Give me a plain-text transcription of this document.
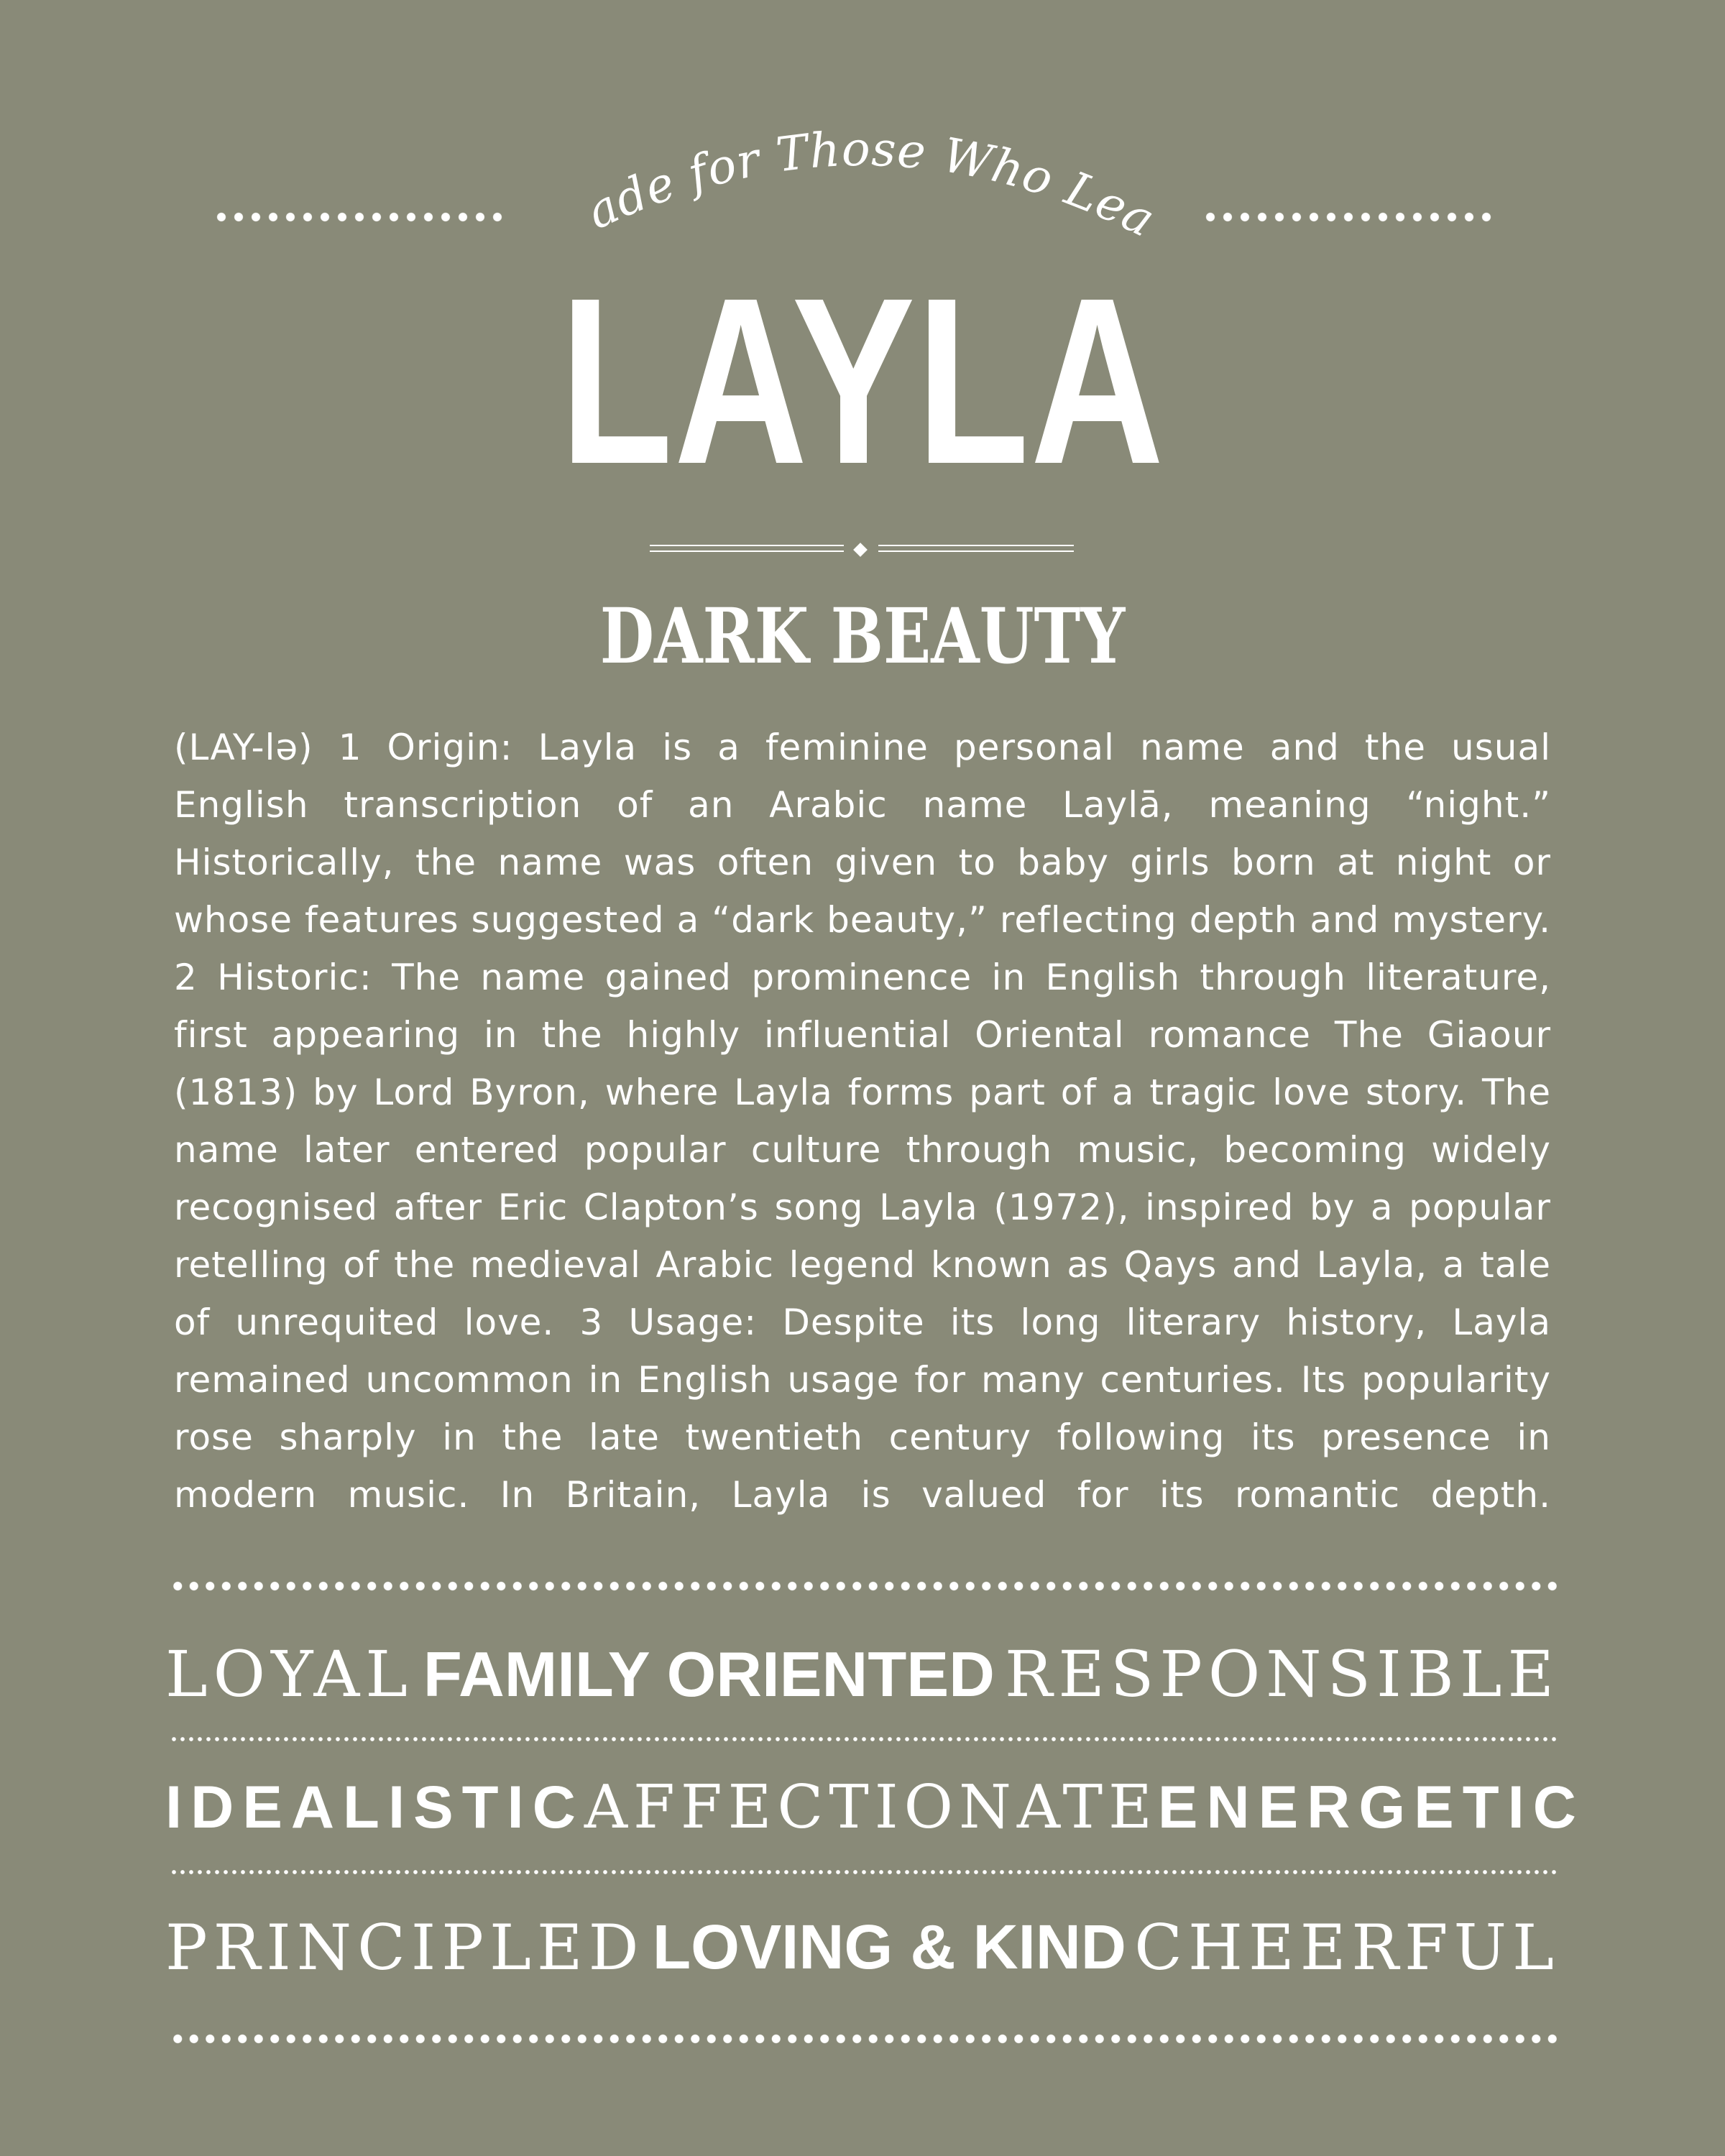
Made for Those Who Lead
LAYLA
DARK BEAUTY
(LAY-lə) 1 Origin: Layla is a feminine personal name and the usual
English transcription of an Arabic name Laylā, meaning “night.”
Historically, the name was often given to baby girls born at night or
whose features suggested a “dark beauty,” reflecting depth and mystery.
2 Historic: The name gained prominence in English through literature,
first appearing in the highly influential Oriental romance The Giaour
(1813) by Lord Byron, where Layla forms part of a tragic love story. The
name later entered popular culture through music, becoming widely
recognised after Eric Clapton’s song Layla (1972), inspired by a popular
retelling of the medieval Arabic legend known as Qays and Layla, a tale
of unrequited love. 3 Usage: Despite its long literary history, Layla
remained uncommon in English usage for many centuries. Its popularity
rose sharply in the late twentieth century following its presence in
modern music. In Britain, Layla is valued for its romantic depth.
LOYAL FAMILY ORIENTED RESPONSIBLE
IDEALISTIC AFFECTIONATE ENERGETIC
PRINCIPLED LOVING & KIND CHEERFUL
